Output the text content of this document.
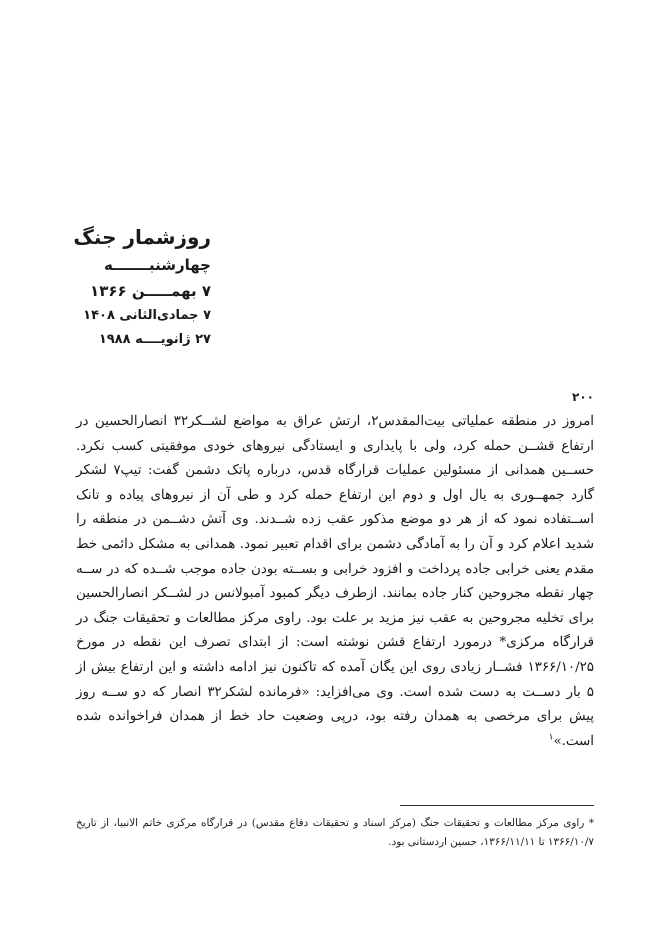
روزشمار جنگ

چهارشنبـــــــه

۷ بهمـــــن ۱۳۶۶

۷ جمادی‌الثانی ۱۴۰۸

۲۷ ژانویــــه ۱۹۸۸

۲۰۰

امروز در منطقه عملیاتی بیت‌المقدس۲، ارتش عراق به مواضع لشــکر۳۲ انصارالحسین در ارتفاع قشــن حمله کرد، ولی با پایداری و ایستادگی نیروهای خودی موفقیتی کسب نکرد. حســین همدانی از مسئولین عملیات قرارگاه قدس، درباره پاتک دشمن گفت: تیپ۷ لشکر گارد جمهــوری به یال اول و دوم این ارتفاع حمله کرد و طی آن از نیروهای پیاده و تانک اســتفاده نمود که از هر دو موضع مذکور عقب زده شــدند. وی آتش دشــمن در منطقه را شدید اعلام کرد و آن را به آمادگی دشمن برای اقدام تعبیر نمود. همدانی به مشکل دائمی خط مقدم یعنی خرابی جاده پرداخت و افزود خرابی و بســته بودن جاده موجب شــده که در ســه چهار نقطه مجروحین کنار جاده بمانند. ازطرف دیگر کمبود آمبولانس در لشــکر انصارالحسین برای تخلیه مجروحین به عقب نیز مزید بر علت بود. راوی مرکز مطالعات و تحقیقات جنگ در قرارگاه مرکزی* درمورد ارتفاع قشن نوشته است: از ابتدای تصرف این نقطه در مورخ ۱۳۶۶/۱۰/۲۵ فشــار زیادی روی این یگان آمده که تاکنون نیز ادامه داشته و این ارتفاع بیش از ۵ بار دســت به دست شده است. وی می‌افزاید: «فرمانده لشکر۳۲ انصار که دو ســه روز پیش برای مرخصی به همدان رفته بود، درپی وضعیت حاد خط از همدان فراخوانده شده است.»$^۱$

* راوی مرکز مطالعات و تحقیقات جنگ (مرکز اسناد و تحقیقات دفاع مقدس) در قرارگاه مرکزی خاتم الانبیا، از تاریخ ۱۳۶۶/۱۰/۷ تا ۱۳۶۶/۱۱/۱۱، حسین اردستانی بود.
